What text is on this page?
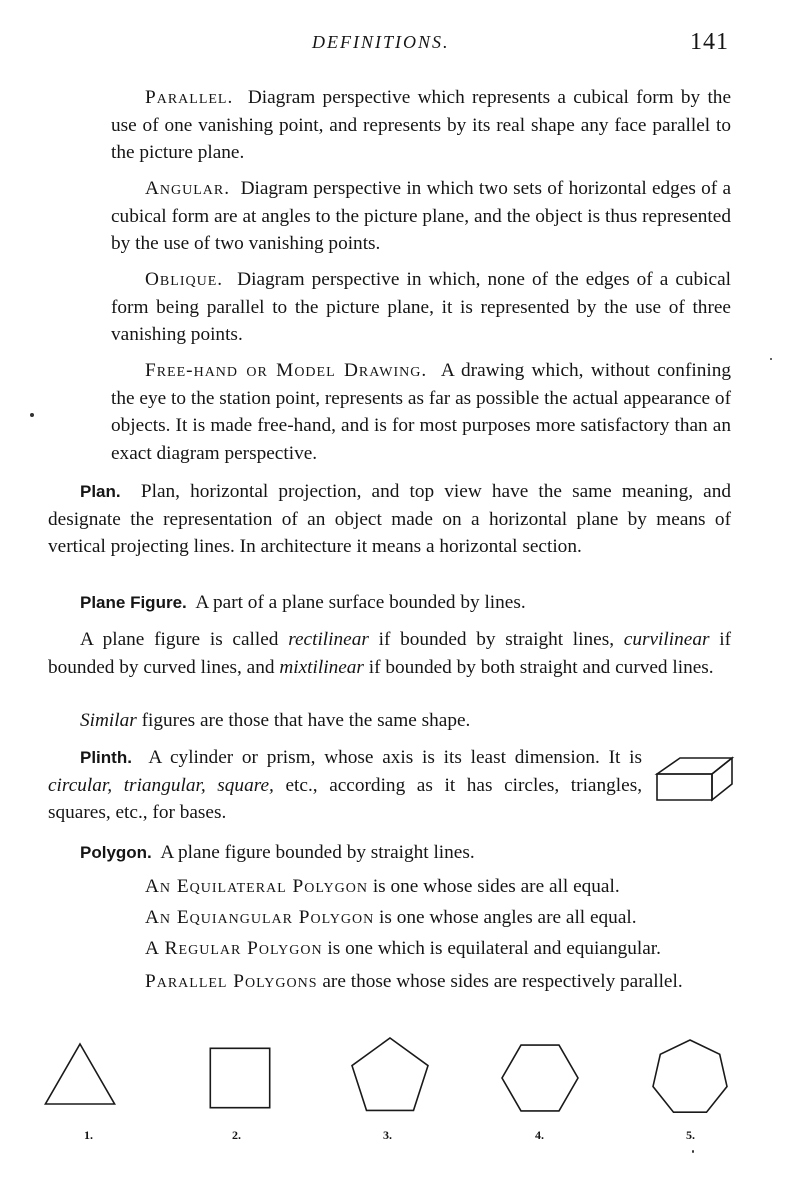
DEFINITIONS.	141

Parallel. Diagram perspective which represents a cubical form by the use of one vanishing point, and represents by its real shape any face parallel to the picture plane.

Angular. Diagram perspective in which two sets of horizontal edges of a cubical form are at angles to the picture plane, and the object is thus represented by the use of two vanishing points.

Oblique. Diagram perspective in which, none of the edges of a cubical form being parallel to the picture plane, it is represented by the use of three vanishing points.

Free-hand or Model Drawing. A drawing which, without confining the eye to the station point, represents as far as possible the actual appearance of objects. It is made free-hand, and is for most purposes more satisfactory than an exact diagram perspective.

Plan. Plan, horizontal projection, and top view have the same meaning, and designate the representation of an object made on a horizontal plane by means of vertical projecting lines. In architecture it means a horizontal section.

Plane Figure. A part of a plane surface bounded by lines.

A plane figure is called rectilinear if bounded by straight lines, curvilinear if bounded by curved lines, and mixtilinear if bounded by both straight and curved lines.

Similar figures are those that have the same shape.

Plinth. A cylinder or prism, whose axis is its least dimension. It is circular, triangular, square, etc., according as it has circles, triangles, squares, etc., for bases.

Polygon. A plane figure bounded by straight lines.

An Equilateral Polygon is one whose sides are all equal.

An Equiangular Polygon is one whose angles are all equal.

A Regular Polygon is one which is equilateral and equiangular.

Parallel Polygons are those whose sides are respectively parallel.

1.	2.	3.	4.	5.
